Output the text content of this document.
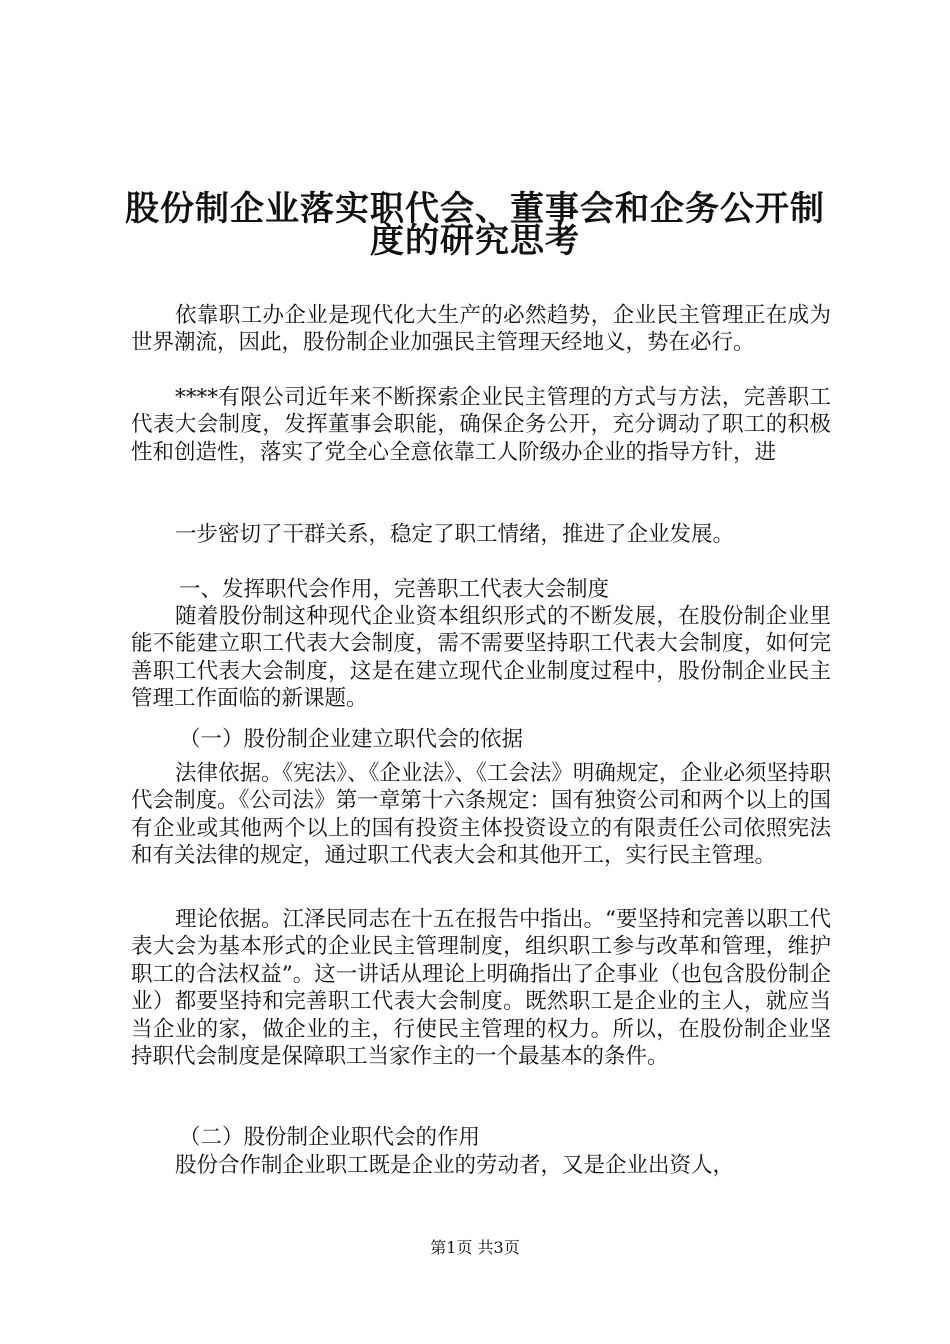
股份制企业落实职代会、董事会和企务公开制
度的研究思考

依靠职工办企业是现代化大生产的必然趋势，企业民主管理正在成为世界潮流，因此，股份制企业加强民主管理天经地义，势在必行。

****有限公司近年来不断探索企业民主管理的方式与方法，完善职工代表大会制度，发挥董事会职能，确保企务公开，充分调动了职工的积极性和创造性，落实了党全心全意依靠工人阶级办企业的指导方针，进

一步密切了干群关系，稳定了职工情绪，推进了企业发展。

一、发挥职代会作用，完善职工代表大会制度

随着股份制这种现代企业资本组织形式的不断发展，在股份制企业里能不能建立职工代表大会制度，需不需要坚持职工代表大会制度，如何完善职工代表大会制度，这是在建立现代企业制度过程中，股份制企业民主管理工作面临的新课题。

（一）股份制企业建立职代会的依据

法律依据。《宪法》、《企业法》、《工会法》明确规定，企业必须坚持职代会制度。《公司法》第一章第十六条规定：国有独资公司和两个以上的国有企业或其他两个以上的国有投资主体投资设立的有限责任公司依照宪法和有关法律的规定，通过职工代表大会和其他开工，实行民主管理。

理论依据。江泽民同志在十五在报告中指出。“要坚持和完善以职工代表大会为基本形式的企业民主管理制度，组织职工参与改革和管理，维护职工的合法权益”。这一讲话从理论上明确指出了企事业（也包含股份制企业）都要坚持和完善职工代表大会制度。既然职工是企业的主人，就应当当企业的家，做企业的主，行使民主管理的权力。所以，在股份制企业坚持职代会制度是保障职工当家作主的一个最基本的条件。

（二）股份制企业职代会的作用

股份合作制企业职工既是企业的劳动者，又是企业出资人，

第1页 共3页
